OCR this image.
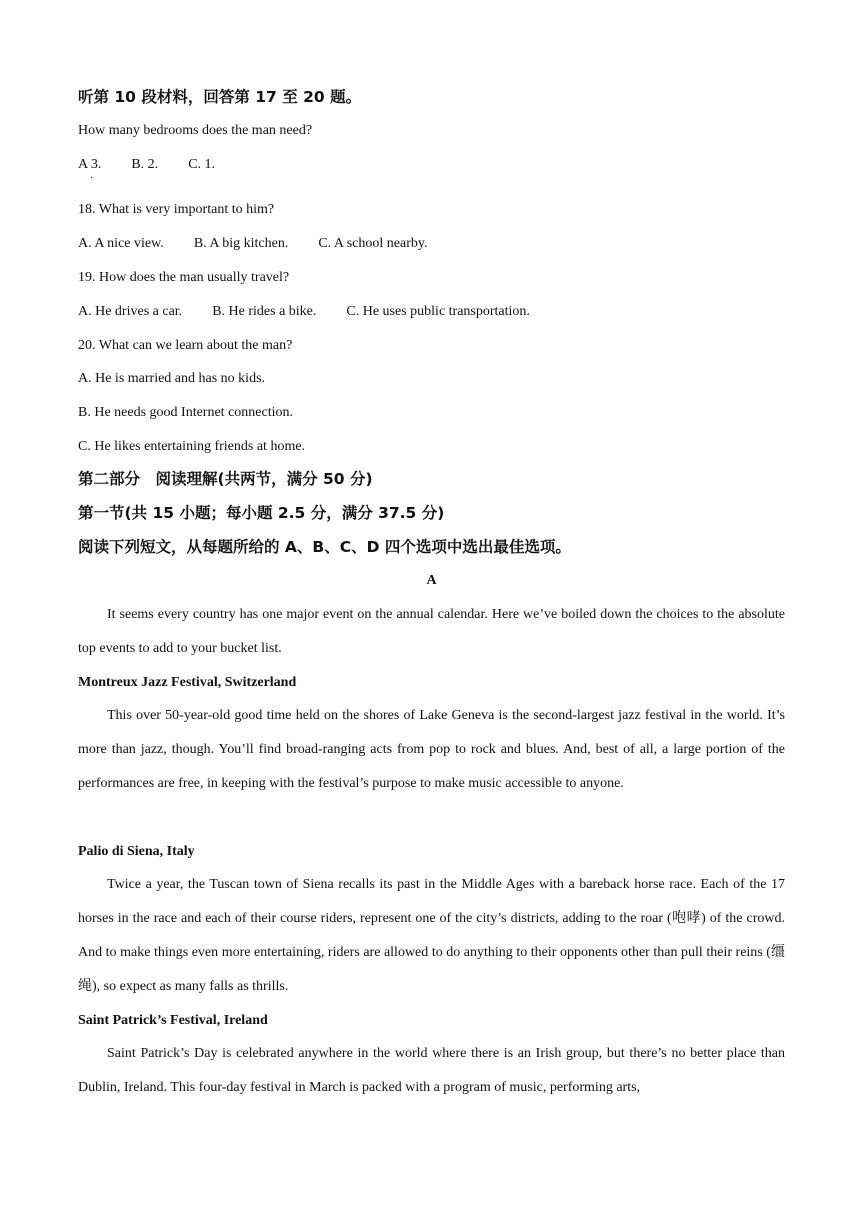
听第 10 段材料，回答第 17 至 20 题。
How many bedrooms does the man need?
A 3. B. 2. C. 1.
·
18. What is very important to him?
A. A nice view. B. A big kitchen. C. A school nearby.
19. How does the man usually travel?
A. He drives a car. B. He rides a bike. C. He uses public transportation.
20. What can we learn about the man?
A. He is married and has no kids.
B. He needs good Internet connection.
C. He likes entertaining friends at home.
第二部分　阅读理解(共两节，满分 50 分)
第一节(共 15 小题；每小题 2.5 分，满分 37.5 分)
阅读下列短文，从每题所给的 A、B、C、D 四个选项中选出最佳选项。
A

It seems every country has one major event on the annual calendar. Here we’ve boiled down the choices to the absolute top events to add to your bucket list.

Montreux Jazz Festival, Switzerland

This over 50-year-old good time held on the shores of Lake Geneva is the second-largest jazz festival in the world. It’s more than jazz, though. You’ll find broad-ranging acts from pop to rock and blues. And, best of all, a large portion of the performances are free, in keeping with the festival’s purpose to make music accessible to anyone.

Palio di Siena, Italy

Twice a year, the Tuscan town of Siena recalls its past in the Middle Ages with a bareback horse race. Each of the 17 horses in the race and each of their course riders, represent one of the city’s districts, adding to the roar (咆哮) of the crowd. And to make things even more entertaining, riders are allowed to do anything to their opponents other than pull their reins (缰绳), so expect as many falls as thrills.

Saint Patrick’s Festival, Ireland

Saint Patrick’s Day is celebrated anywhere in the world where there is an Irish group, but there’s no better place than Dublin, Ireland. This four-day festival in March is packed with a program of music, performing arts,
